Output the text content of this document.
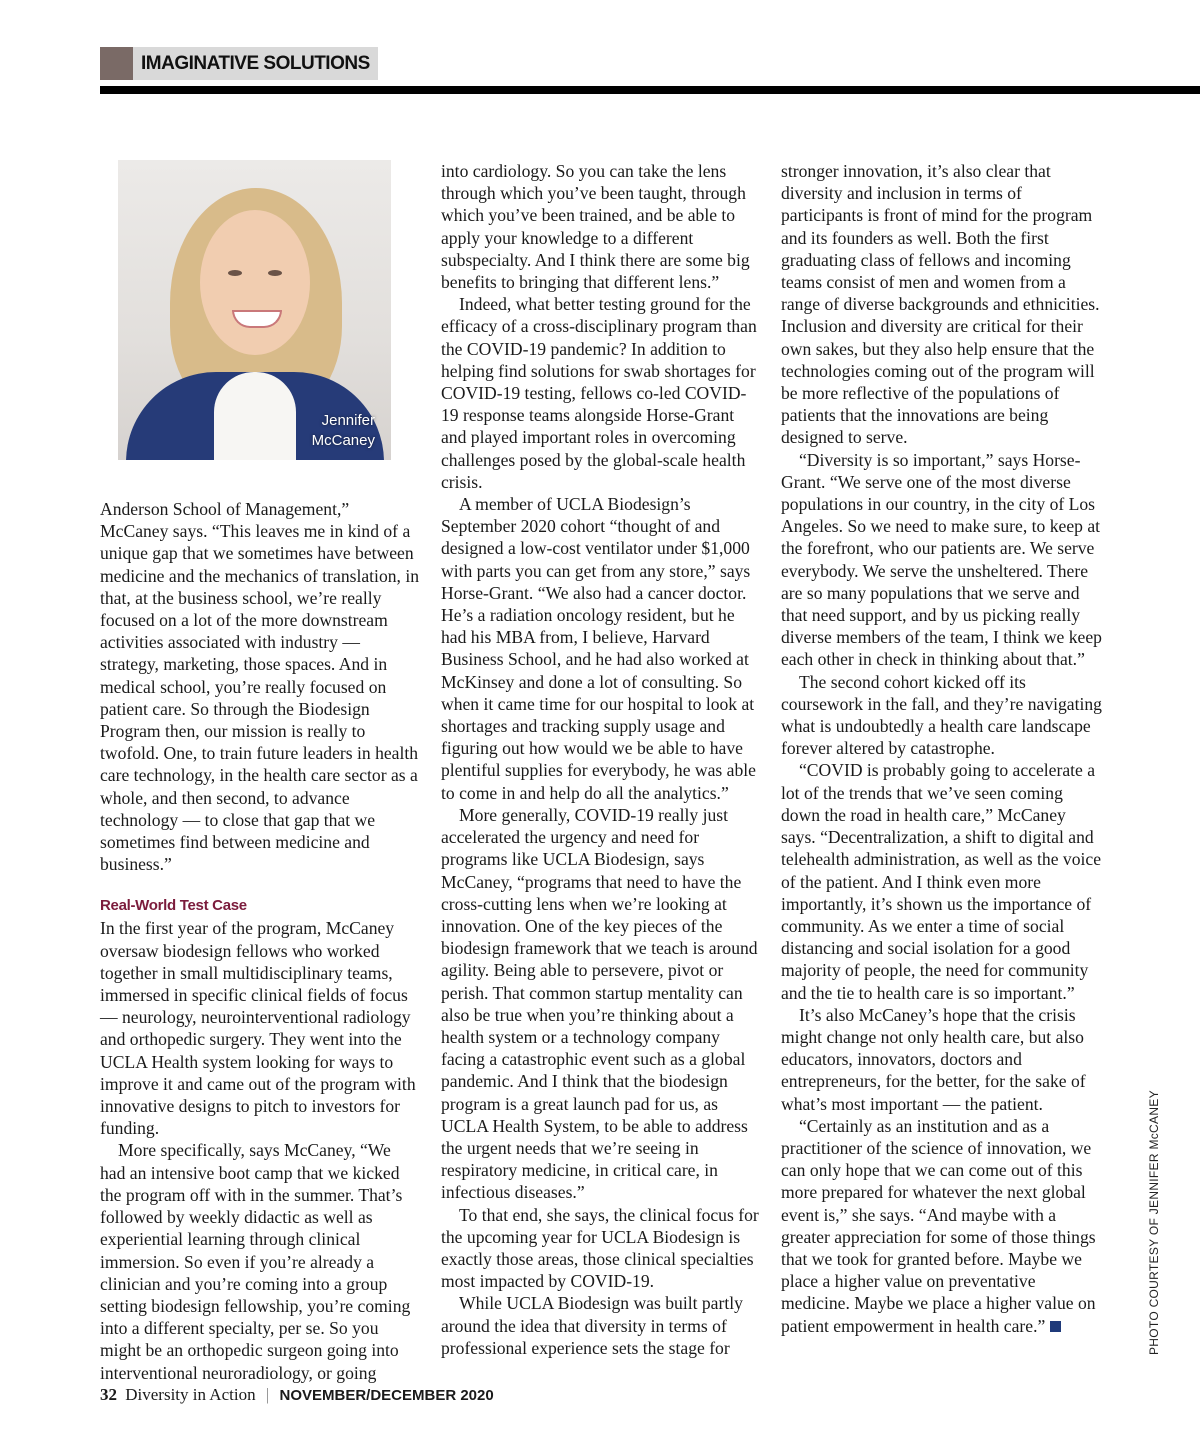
IMAGINATIVE SOLUTIONS
Jennifer
McCaney

Anderson School of Management,” McCaney says. “This leaves me in kind of a unique gap that we sometimes have between medicine and the mechanics of translation, in that, at the business school, we’re really focused on a lot of the more downstream activities associated with industry — strategy, marketing, those spaces. And in medical school, you’re really focused on patient care. So through the Biodesign Program then, our mission is really to twofold. One, to train future leaders in health care technology, in the health care sector as a whole, and then second, to advance technology — to close that gap that we sometimes find between medicine and business.”

Real-World Test Case

In the first year of the program, McCaney oversaw biodesign fellows who worked together in small multidisciplinary teams, immersed in specific clinical fields of focus — neurology, neurointerventional radiology and orthopedic surgery. They went into the UCLA Health system looking for ways to improve it and came out of the program with innovative designs to pitch to investors for funding.

More specifically, says McCaney, “We had an intensive boot camp that we kicked the program off with in the summer. That’s followed by weekly didactic as well as experiential learning through clinical immersion. So even if you’re already a clinician and you’re coming into a group setting biodesign fellowship, you’re coming into a different specialty, per se. So you might be an orthopedic surgeon going into interventional neuroradiology, or going

into cardiology. So you can take the lens through which you’ve been taught, through which you’ve been trained, and be able to apply your knowledge to a different subspecialty. And I think there are some big benefits to bringing that different lens.”

Indeed, what better testing ground for the efficacy of a cross-disciplinary program than the COVID-19 pandemic? In addition to helping find solutions for swab shortages for COVID-19 testing, fellows co-led COVID-19 response teams alongside Horse-Grant and played important roles in overcoming challenges posed by the global-scale health crisis.

A member of UCLA Biodesign’s September 2020 cohort “thought of and designed a low-cost ventilator under $1,000 with parts you can get from any store,” says Horse-Grant. “We also had a cancer doctor. He’s a radiation oncology resident, but he had his MBA from, I believe, Harvard Business School, and he had also worked at McKinsey and done a lot of consulting. So when it came time for our hospital to look at shortages and tracking supply usage and figuring out how would we be able to have plentiful supplies for everybody, he was able to come in and help do all the analytics.”

More generally, COVID-19 really just accelerated the urgency and need for programs like UCLA Biodesign, says McCaney, “programs that need to have the cross-cutting lens when we’re looking at innovation. One of the key pieces of the biodesign framework that we teach is around agility. Being able to persevere, pivot or perish. That common startup mentality can also be true when you’re thinking about a health system or a technology company facing a catastrophic event such as a global pandemic. And I think that the biodesign program is a great launch pad for us, as UCLA Health System, to be able to address the urgent needs that we’re seeing in respiratory medicine, in critical care, in infectious diseases.”

To that end, she says, the clinical focus for the upcoming year for UCLA Biodesign is exactly those areas, those clinical specialties most impacted by COVID-19.

While UCLA Biodesign was built partly around the idea that diversity in terms of professional experience sets the stage for

stronger innovation, it’s also clear that diversity and inclusion in terms of participants is front of mind for the program and its founders as well. Both the first graduating class of fellows and incoming teams consist of men and women from a range of diverse backgrounds and ethnicities. Inclusion and diversity are critical for their own sakes, but they also help ensure that the technologies coming out of the program will be more reflective of the populations of patients that the innovations are being designed to serve.

“Diversity is so important,” says Horse-Grant. “We serve one of the most diverse populations in our country, in the city of Los Angeles. So we need to make sure, to keep at the forefront, who our patients are. We serve everybody. We serve the unsheltered. There are so many populations that we serve and that need support, and by us picking really diverse members of the team, I think we keep each other in check in thinking about that.”

The second cohort kicked off its coursework in the fall, and they’re navigating what is undoubtedly a health care landscape forever altered by catastrophe.

“COVID is probably going to accelerate a lot of the trends that we’ve seen coming down the road in health care,” McCaney says. “Decentralization, a shift to digital and telehealth administration, as well as the voice of the patient. And I think even more importantly, it’s shown us the importance of community. As we enter a time of social distancing and social isolation for a good majority of people, the need for community and the tie to health care is so important.”

It’s also McCaney’s hope that the crisis might change not only health care, but also educators, innovators, doctors and entrepreneurs, for the better, for the sake of what’s most important — the patient.

“Certainly as an institution and as a practitioner of the science of innovation, we can only hope that we can come out of this more prepared for whatever the next global event is,” she says. “And maybe with a greater appreciation for some of those things that we took for granted before. Maybe we place a higher value on preventative medicine. Maybe we place a higher value on patient empowerment in health care.”	PHOTO COURTESY OF JENNIFER McCANEY
32 Diversity in Action | NOVEMBER/DECEMBER 2020
